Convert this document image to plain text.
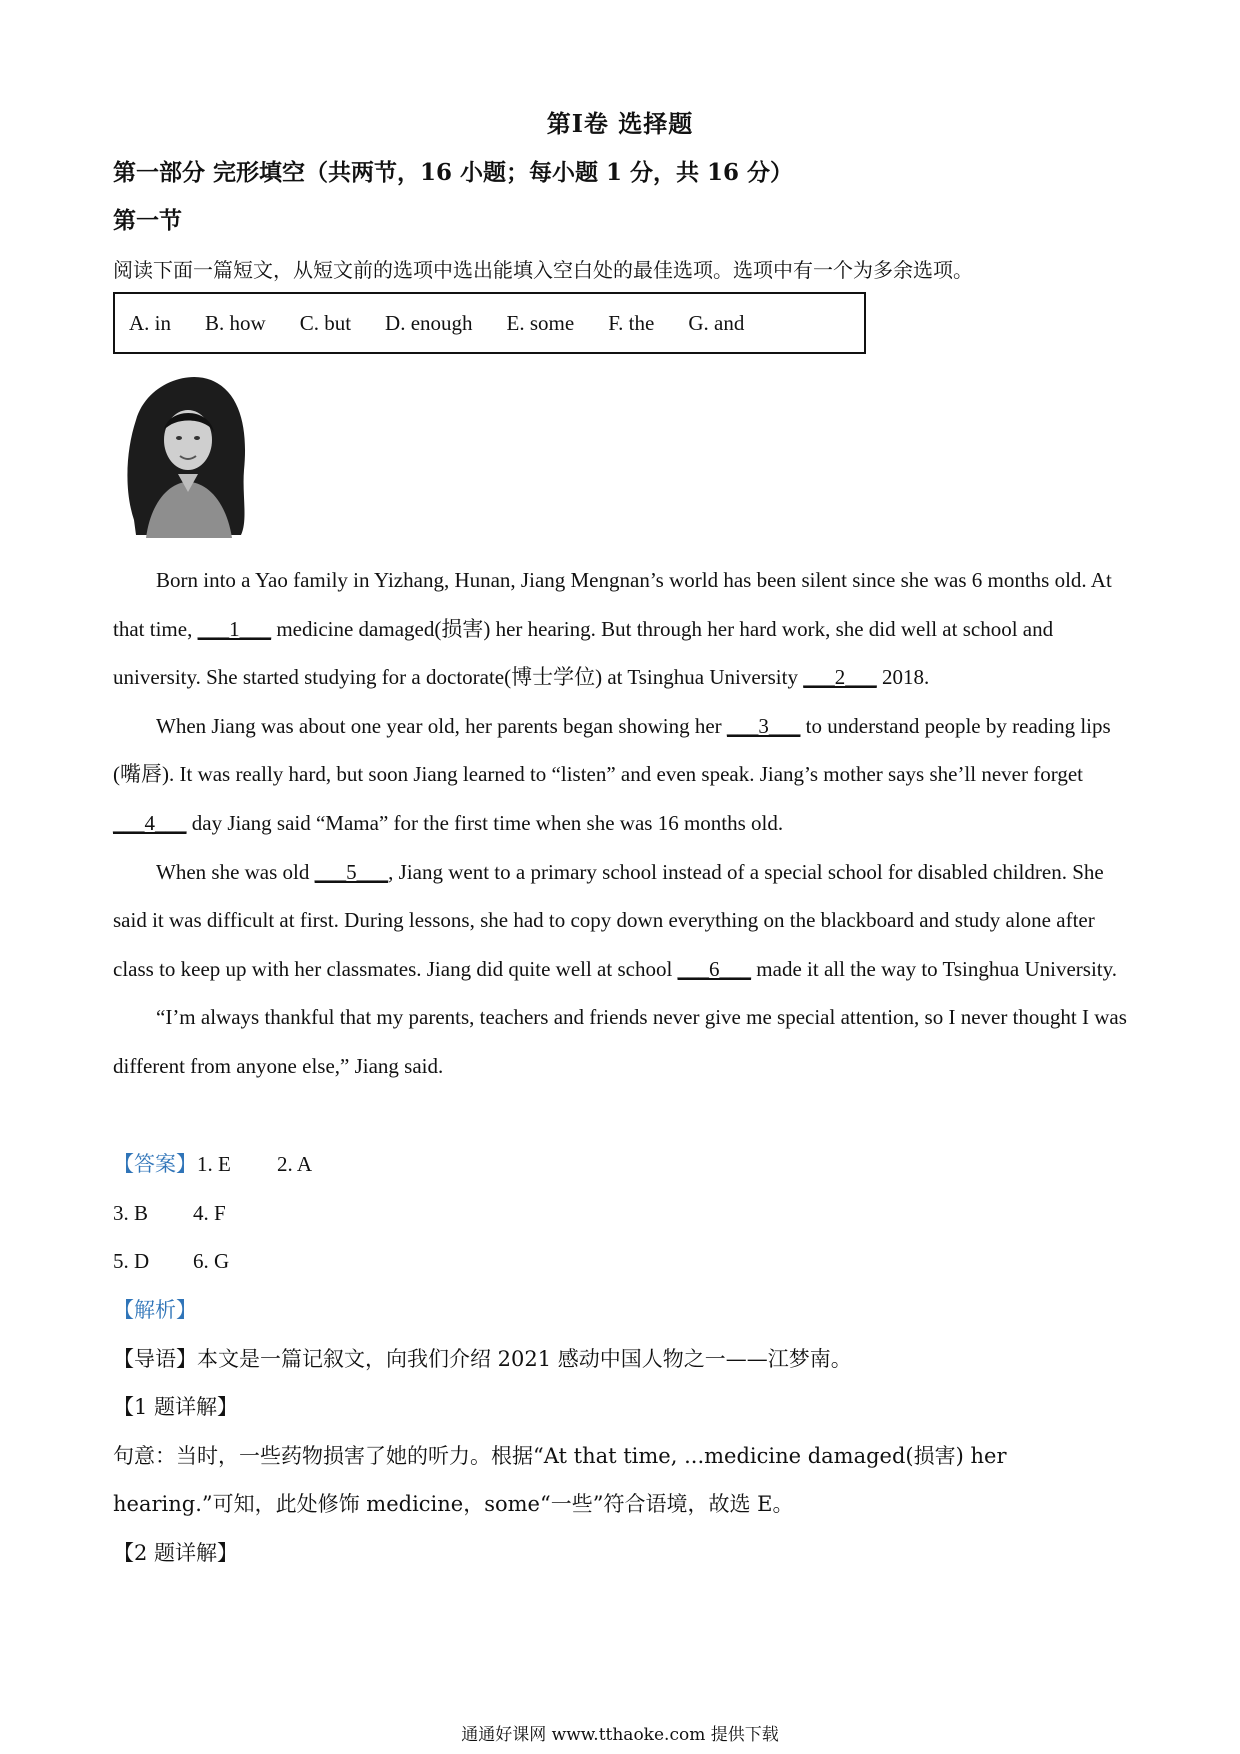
第Ⅰ卷 选择题
第一部分 完形填空（共两节，16 小题；每小题 1 分，共 16 分）
第一节
阅读下面一篇短文，从短文前的选项中选出能填入空白处的最佳选项。选项中有一个为多余选项。
A. in B. how C. but D. enough E. some F. the G. and

Born into a Yao family in Yizhang, Hunan, Jiang Mengnan’s world has been silent since she was 6 months old. At that time, ___1___ medicine damaged(损害) her hearing. But through her hard work, she did well at school and university. She started studying for a doctorate(博士学位) at Tsinghua University ___2___ 2018.

When Jiang was about one year old, her parents began showing her ___3___ to understand people by reading lips (嘴唇). It was really hard, but soon Jiang learned to “listen” and even speak. Jiang’s mother says she’ll never forget ___4___ day Jiang said “Mama” for the first time when she was 16 months old.

When she was old ___5___, Jiang went to a primary school instead of a special school for disabled children. She said it was difficult at first. During lessons, she had to copy down everything on the blackboard and study alone after class to keep up with her classmates. Jiang did quite well at school ___6___ made it all the way to Tsinghua University.

“I’m always thankful that my parents, teachers and friends never give me special attention, so I never thought I was different from anyone else,” Jiang said.

【答案】 1. E	2. A
3. B	4. F
5. D	6. G

【解析】

【导语】本文是一篇记叙文，向我们介绍 2021 感动中国人物之一——江梦南。

【1 题详解】

句意：当时，一些药物损害了她的听力。根据“At that time, ...medicine damaged(损害) her hearing.”可知，此处修饰 medicine，some“一些”符合语境，故选 E。

【2 题详解】

通通好课网 www.tthaoke.com 提供下载
